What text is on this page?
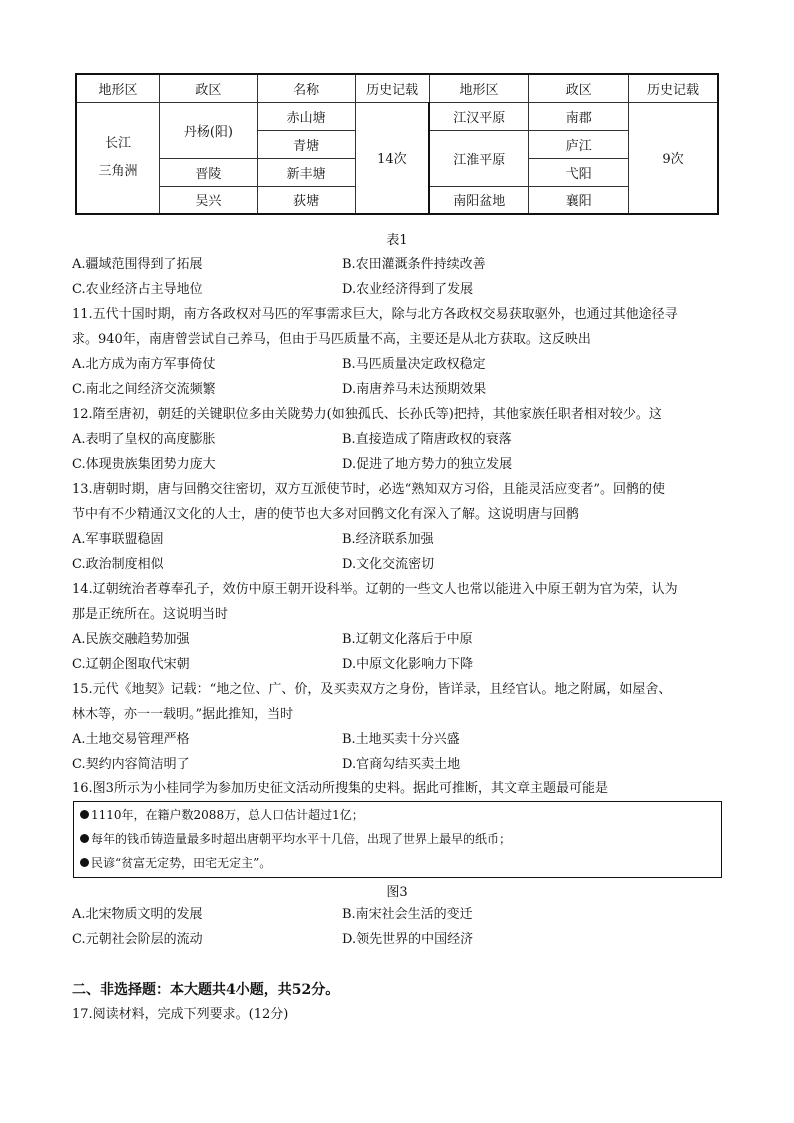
地形区	政区	名称	历史记载	地形区	政区	历史记载

长江
三角洲	丹杨(阳)	赤山塘	14次	江汉平原	南郡	9次
		青塘		江淮平原	庐江	
	晋陵	新丰塘			弋阳	
	吴兴	荻塘		南阳盆地	襄阳	
表1
A.疆域范围得到了拓展	B.农田灌溉条件持续改善
C.农业经济占主导地位	D.农业经济得到了发展
11.五代十国时期，南方各政权对马匹的军事需求巨大，除与北方各政权交易获取驱外，也通过其他途径寻
求。940年，南唐曾尝试自己养马，但由于马匹质量不高，主要还是从北方获取。这反映出
A.北方成为南方军事倚仗	B.马匹质量决定政权稳定
C.南北之间经济交流频繁	D.南唐养马未达预期效果
12.隋至唐初，朝廷的关键职位多由关陇势力(如独孤氏、长孙氏等)把持，其他家族任职者相对较少。这
A.表明了皇权的高度膨胀	B.直接造成了隋唐政权的衰落
C.体现贵族集团势力庞大	D.促进了地方势力的独立发展
13.唐朝时期，唐与回鹘交往密切，双方互派使节时，必选“熟知双方习俗，且能灵活应变者”。回鹘的使
节中有不少精通汉文化的人士，唐的使节也大多对回鹘文化有深入了解。这说明唐与回鹘
A.军事联盟稳固	B.经济联系加强
C.政治制度相似	D.文化交流密切
14.辽朝统治者尊奉孔子，效仿中原王朝开设科举。辽朝的一些文人也常以能进入中原王朝为官为荣，认为
那是正统所在。这说明当时
A.民族交融趋势加强	B.辽朝文化落后于中原
C.辽朝企图取代宋朝	D.中原文化影响力下降
15.元代《地契》记载：“地之位、广、价，及买卖双方之身份，皆详录，且经官认。地之附属，如屋舍、
林木等，亦一一载明。”据此推知，当时
A.土地交易管理严格	B.土地买卖十分兴盛
C.契约内容简洁明了	D.官商勾结买卖土地
16.图3所示为小桂同学为参加历史征文活动所搜集的史料。据此可推断，其文章主题最可能是
1110年，在籍户数2088万，总人口估计超过1亿；
每年的钱币铸造量最多时超出唐朝平均水平十几倍，出现了世界上最早的纸币；
民谚“贫富无定势，田宅无定主”。
图3
A.北宋物质文明的发展	B.南宋社会生活的变迁
C.元朝社会阶层的流动	D.领先世界的中国经济
二、非选择题：本大题共4小题，共52分。
17.阅读材料，完成下列要求。(12分)
